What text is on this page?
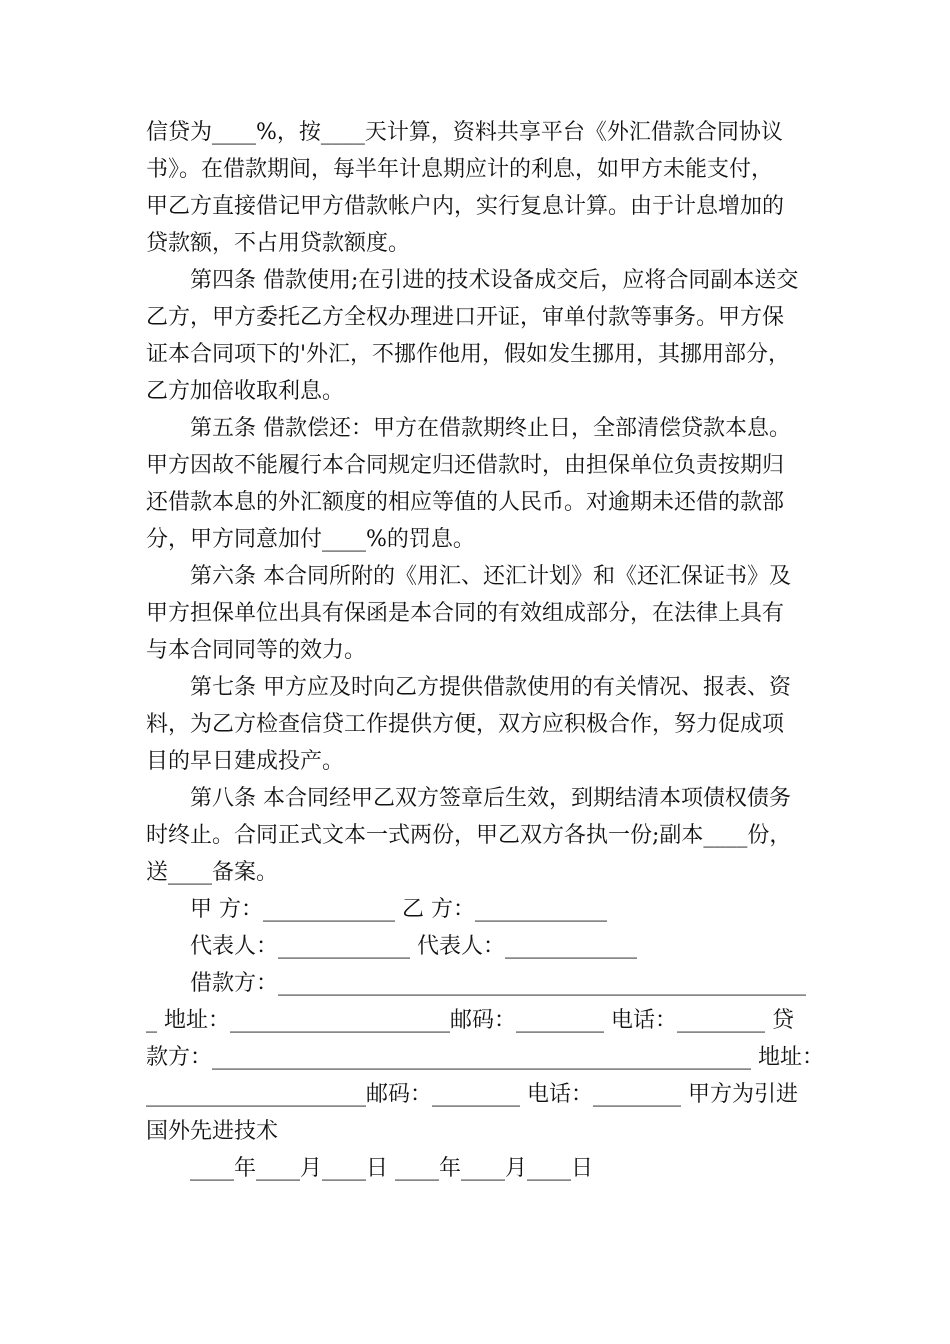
信贷为____%，按____天计算，资料共享平台《外汇借款合同协议
书》。在借款期间，每半年计息期应计的利息，如甲方未能支付，
甲乙方直接借记甲方借款帐户内，实行复息计算。由于计息增加的
贷款额，不占用贷款额度。
第四条 借款使用;在引进的技术设备成交后，应将合同副本送交
乙方，甲方委托乙方全权办理进口开证，审单付款等事务。甲方保
证本合同项下的'外汇，不挪作他用，假如发生挪用，其挪用部分，
乙方加倍收取利息。
第五条 借款偿还：甲方在借款期终止日，全部清偿贷款本息。
甲方因故不能履行本合同规定归还借款时，由担保单位负责按期归
还借款本息的外汇额度的相应等值的人民币。对逾期未还借的款部
分，甲方同意加付____%的罚息。
第六条 本合同所附的《用汇、还汇计划》和《还汇保证书》及
甲方担保单位出具有保函是本合同的有效组成部分，在法律上具有
与本合同同等的效力。
第七条 甲方应及时向乙方提供借款使用的有关情况、报表、资
料，为乙方检查信贷工作提供方便，双方应积极合作，努力促成项
目的早日建成投产。
第八条 本合同经甲乙双方签章后生效，到期结清本项债权债务
时终止。合同正式文本一式两份，甲乙双方各执一份;副本____份，
送____备案。
甲 方：____________ 乙 方：____________
代表人：____________ 代表人：____________
借款方：________________________________________________
_ 地址：____________________邮码：________ 电话：________ 贷
款方：_________________________________________________ 地址：
____________________邮码：________ 电话：________ 甲方为引进
国外先进技术
____年____月____日 ____年____月____日
